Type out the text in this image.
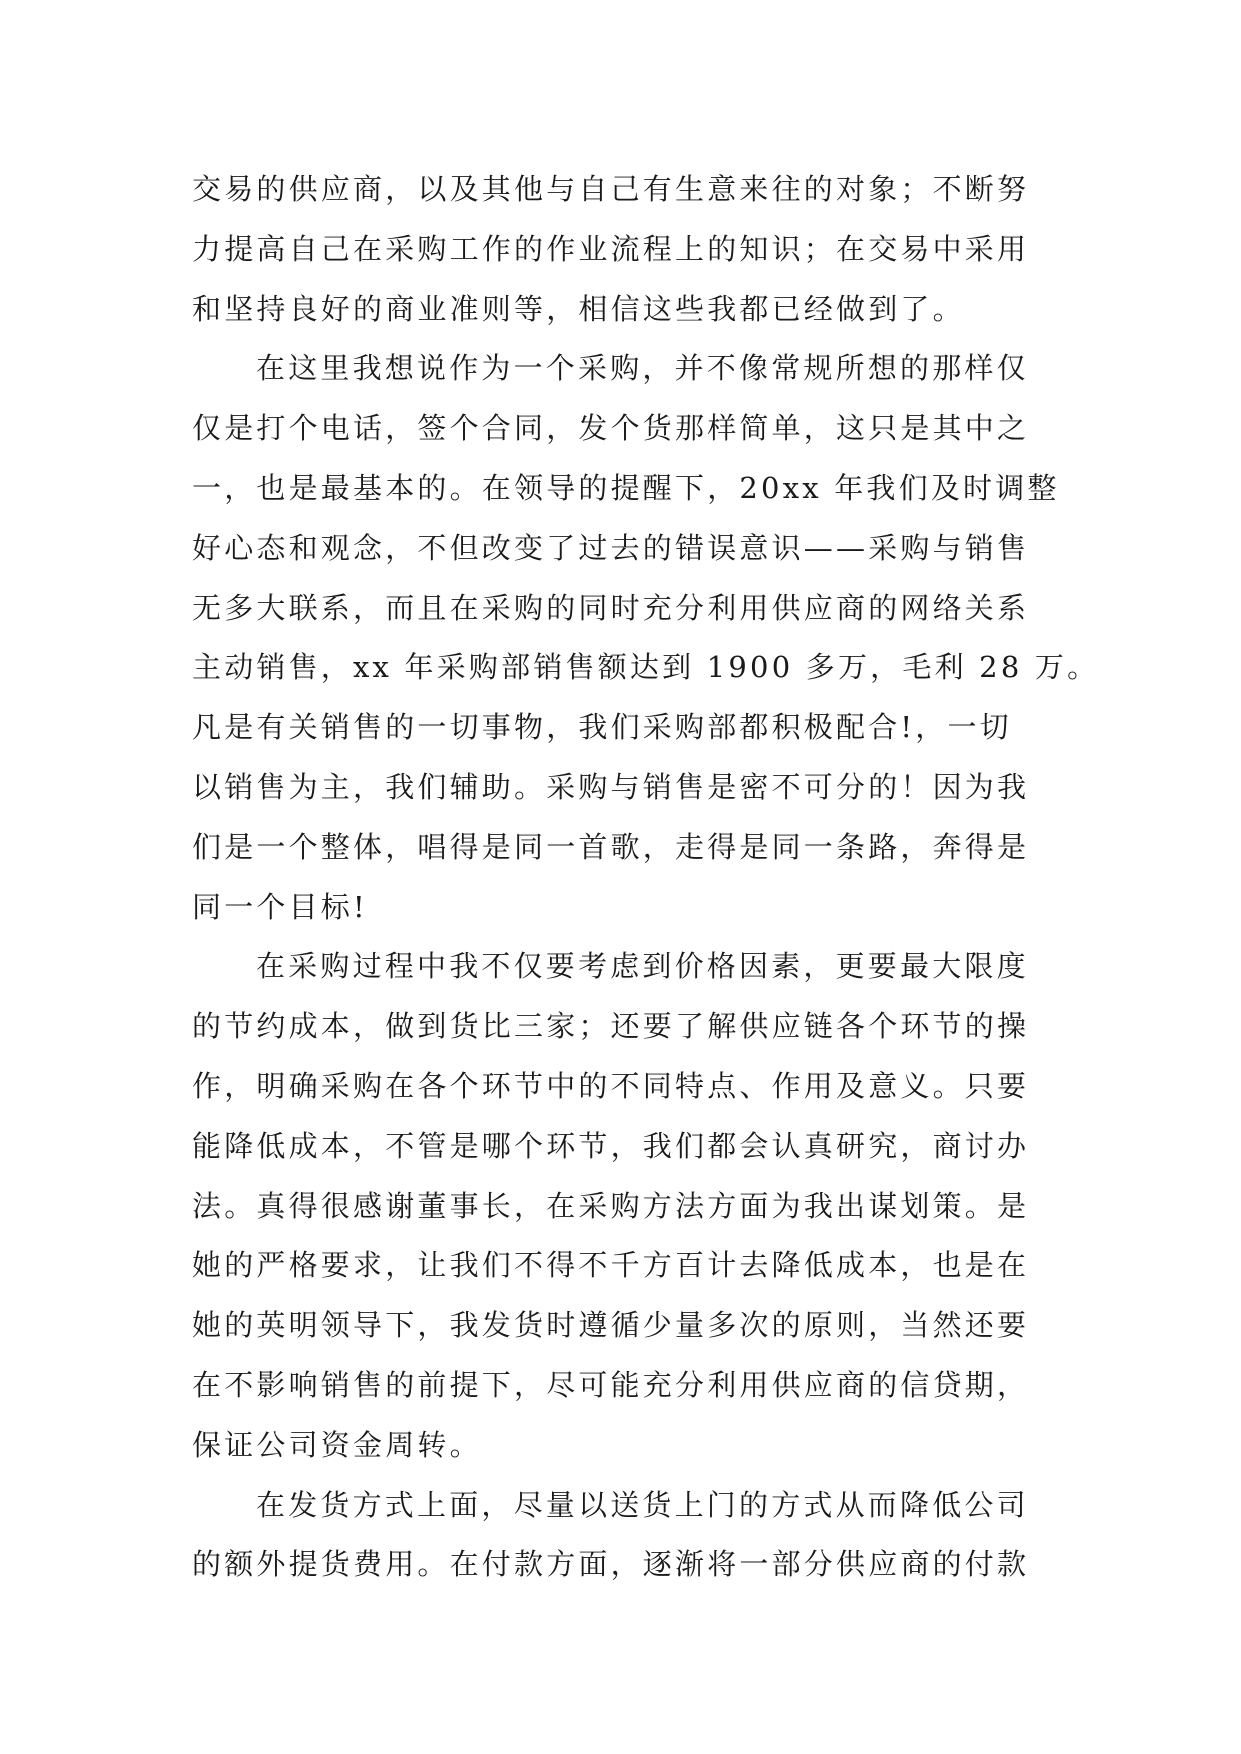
交易的供应商，以及其他与自己有生意来往的对象；不断努
力提高自己在采购工作的作业流程上的知识；在交易中采用
和坚持良好的商业准则等，相信这些我都已经做到了。
在这里我想说作为一个采购，并不像常规所想的那样仅
仅是打个电话，签个合同，发个货那样简单，这只是其中之
一，也是最基本的。在领导的提醒下，20xx 年我们及时调整
好心态和观念，不但改变了过去的错误意识——采购与销售
无多大联系，而且在采购的同时充分利用供应商的网络关系
主动销售，xx 年采购部销售额达到 1900 多万，毛利 28 万。
凡是有关销售的一切事物，我们采购部都积极配合!，一切
以销售为主，我们辅助。采购与销售是密不可分的！因为我
们是一个整体，唱得是同一首歌，走得是同一条路，奔得是
同一个目标!
在采购过程中我不仅要考虑到价格因素，更要最大限度
的节约成本，做到货比三家；还要了解供应链各个环节的操
作，明确采购在各个环节中的不同特点、作用及意义。只要
能降低成本，不管是哪个环节，我们都会认真研究，商讨办
法。真得很感谢董事长，在采购方法方面为我出谋划策。是
她的严格要求，让我们不得不千方百计去降低成本，也是在
她的英明领导下，我发货时遵循少量多次的原则，当然还要
在不影响销售的前提下，尽可能充分利用供应商的信贷期，
保证公司资金周转。
在发货方式上面，尽量以送货上门的方式从而降低公司
的额外提货费用。在付款方面，逐渐将一部分供应商的付款
